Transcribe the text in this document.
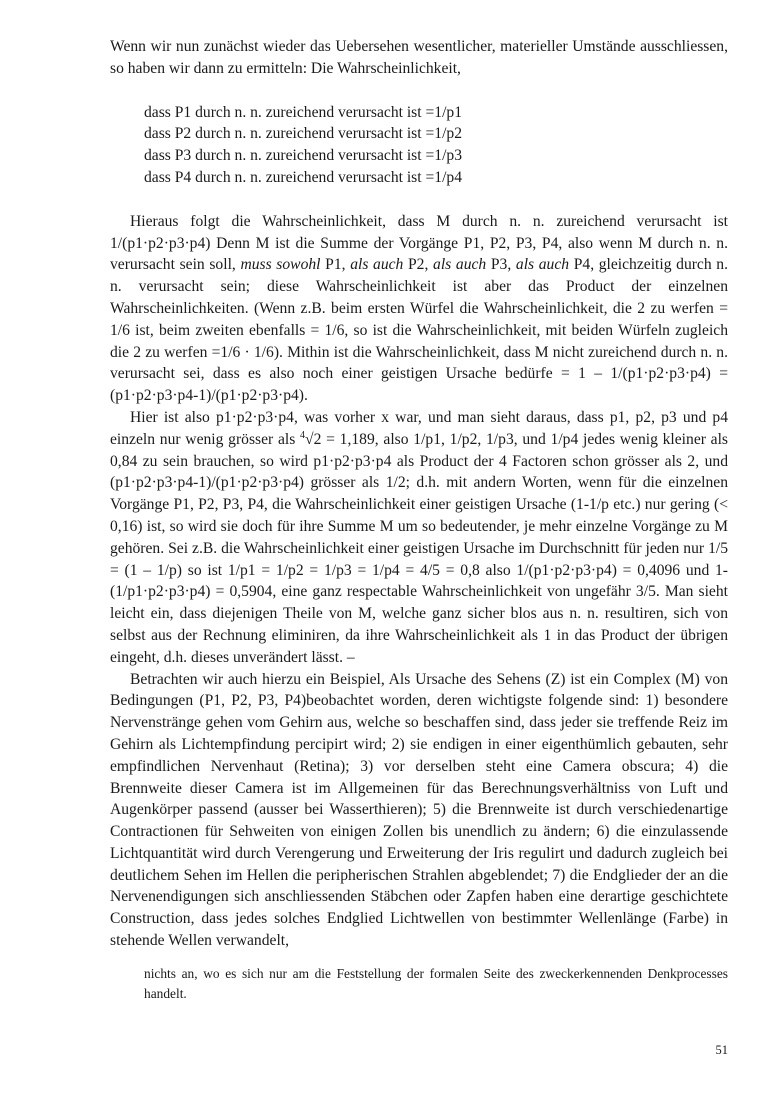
Wenn wir nun zunächst wieder das Uebersehen wesentlicher, materieller Umstände ausschliessen, so haben wir dann zu ermitteln: Die Wahrscheinlichkeit,

dass P1 durch n. n. zureichend verursacht ist =1/p1
dass P2 durch n. n. zureichend verursacht ist =1/p2
dass P3 durch n. n. zureichend verursacht ist =1/p3
dass P4 durch n. n. zureichend verursacht ist =1/p4

Hieraus folgt die Wahrscheinlichkeit, dass M durch n. n. zureichend verursacht ist 1/(p1·p2·p3·p4) Denn M ist die Summe der Vorgänge P1, P2, P3, P4, also wenn M durch n. n. verursacht sein soll, muss sowohl P1, als auch P2, als auch P3, als auch P4, gleichzeitig durch n. n. verursacht sein; diese Wahrscheinlichkeit ist aber das Product der einzelnen Wahrscheinlichkeiten. (Wenn z.B. beim ersten Würfel die Wahrscheinlichkeit, die 2 zu werfen = 1/6 ist, beim zweiten ebenfalls = 1/6, so ist die Wahrscheinlichkeit, mit beiden Würfeln zugleich die 2 zu werfen =1/6 · 1/6). Mithin ist die Wahrscheinlichkeit, dass M nicht zureichend durch n. n. verursacht sei, dass es also noch einer geistigen Ursache bedürfe = 1 – 1/(p1·p2·p3·p4) = (p1·p2·p3·p4-1)/(p1·p2·p3·p4).

Hier ist also p1·p2·p3·p4, was vorher x war, und man sieht daraus, dass p1, p2, p3 und p4 einzeln nur wenig grösser als $^4$√2 = 1,189, also 1/p1, 1/p2, 1/p3, und 1/p4 jedes wenig kleiner als 0,84 zu sein brauchen, so wird p1·p2·p3·p4 als Product der 4 Factoren schon grösser als 2, und (p1·p2·p3·p4-1)/(p1·p2·p3·p4) grösser als 1/2; d.h. mit andern Worten, wenn für die einzelnen Vorgänge P1, P2, P3, P4, die Wahrscheinlichkeit einer geistigen Ursache (1-1/p etc.) nur gering (< 0,16) ist, so wird sie doch für ihre Summe M um so bedeutender, je mehr einzelne Vorgänge zu M gehören. Sei z.B. die Wahrscheinlichkeit einer geistigen Ursache im Durchschnitt für jeden nur 1/5 = (1 – 1/p) so ist 1/p1 = 1/p2 = 1/p3 = 1/p4 = 4/5 = 0,8 also 1/(p1·p2·p3·p4) = 0,4096 und 1-(1/p1·p2·p3·p4) = 0,5904, eine ganz respectable Wahrscheinlichkeit von ungefähr 3/5. Man sieht leicht ein, dass diejenigen Theile von M, welche ganz sicher blos aus n. n. resultiren, sich von selbst aus der Rechnung eliminiren, da ihre Wahrscheinlichkeit als 1 in das Product der übrigen eingeht, d.h. dieses unverändert lässt. –

Betrachten wir auch hierzu ein Beispiel, Als Ursache des Sehens (Z) ist ein Complex (M) von Bedingungen (P1, P2, P3, P4)beobachtet worden, deren wichtigste folgende sind: 1) besondere Nervenstränge gehen vom Gehirn aus, welche so beschaffen sind, dass jeder sie treffende Reiz im Gehirn als Lichtempfindung percipirt wird; 2) sie endigen in einer eigenthümlich gebauten, sehr empfindlichen Nervenhaut (Retina); 3) vor derselben steht eine Camera obscura; 4) die Brennweite dieser Camera ist im Allgemeinen für das Berechnungsverhältniss von Luft und Augenkörper passend (ausser bei Wasserthieren); 5) die Brennweite ist durch verschiedenartige Contractionen für Sehweiten von einigen Zollen bis unendlich zu ändern; 6) die einzulassende Lichtquantität wird durch Verengerung und Erweiterung der Iris regulirt und dadurch zugleich bei deutlichem Sehen im Hellen die peripherischen Strahlen abgeblendet; 7) die Endglieder der an die Nervenendigungen sich anschliessenden Stäbchen oder Zapfen haben eine derartige geschichtete Construction, dass jedes solches Endglied Lichtwellen von bestimmter Wellenlänge (Farbe) in stehende Wellen verwandelt,

nichts an, wo es sich nur am die Feststellung der formalen Seite des zweckerkennenden Denkprocesses handelt.
51
